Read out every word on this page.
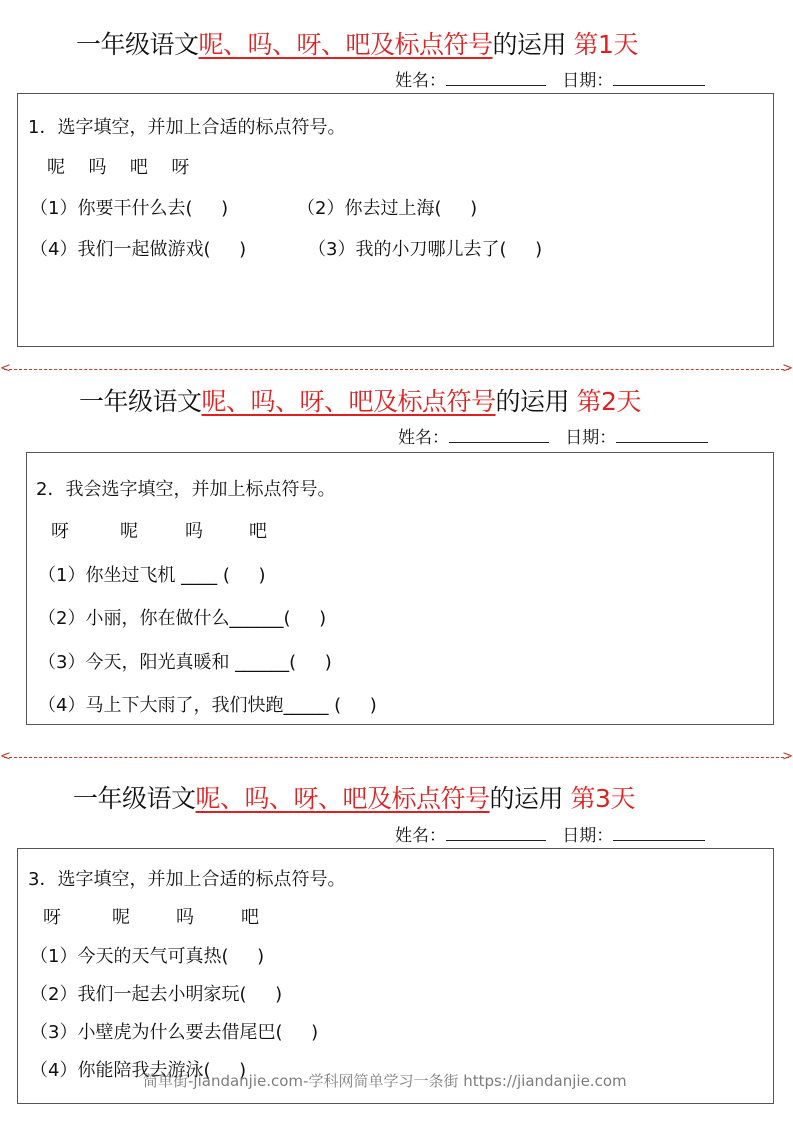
一年级语文呢、吗、呀、吧及标点符号的运用 第1天
姓名：	日期：
1．选字填空，并加上合适的标点符号。
呢  吗  吧  呀
（1）你要干什么去(     )	（2）你去过上海(     )
（4）我们一起做游戏(     )	（3）我的小刀哪儿去了(     )
<	>
一年级语文呢、吗、呀、吧及标点符号的运用 第2天
姓名：	日期：
2．我会选字填空，并加上标点符号。
呀	呢	吗	吧
（1）你坐过飞机 ____ (     )
（2）小丽，你在做什么______(     )
（3）今天，阳光真暖和 ______(     )
（4）马上下大雨了，我们快跑_____ (     )
<	>
一年级语文呢、吗、呀、吧及标点符号的运用 第3天
姓名：	日期：
3．选字填空，并加上合适的标点符号。
呀	呢	吗	吧
（1）今天的天气可真热(     )
（2）我们一起去小明家玩(     )
（3）小壁虎为什么要去借尾巴(     )
（4）你能陪我去游泳(     )
简单街-jiandanjie.com-学科网简单学习一条街 https://jiandanjie.com
